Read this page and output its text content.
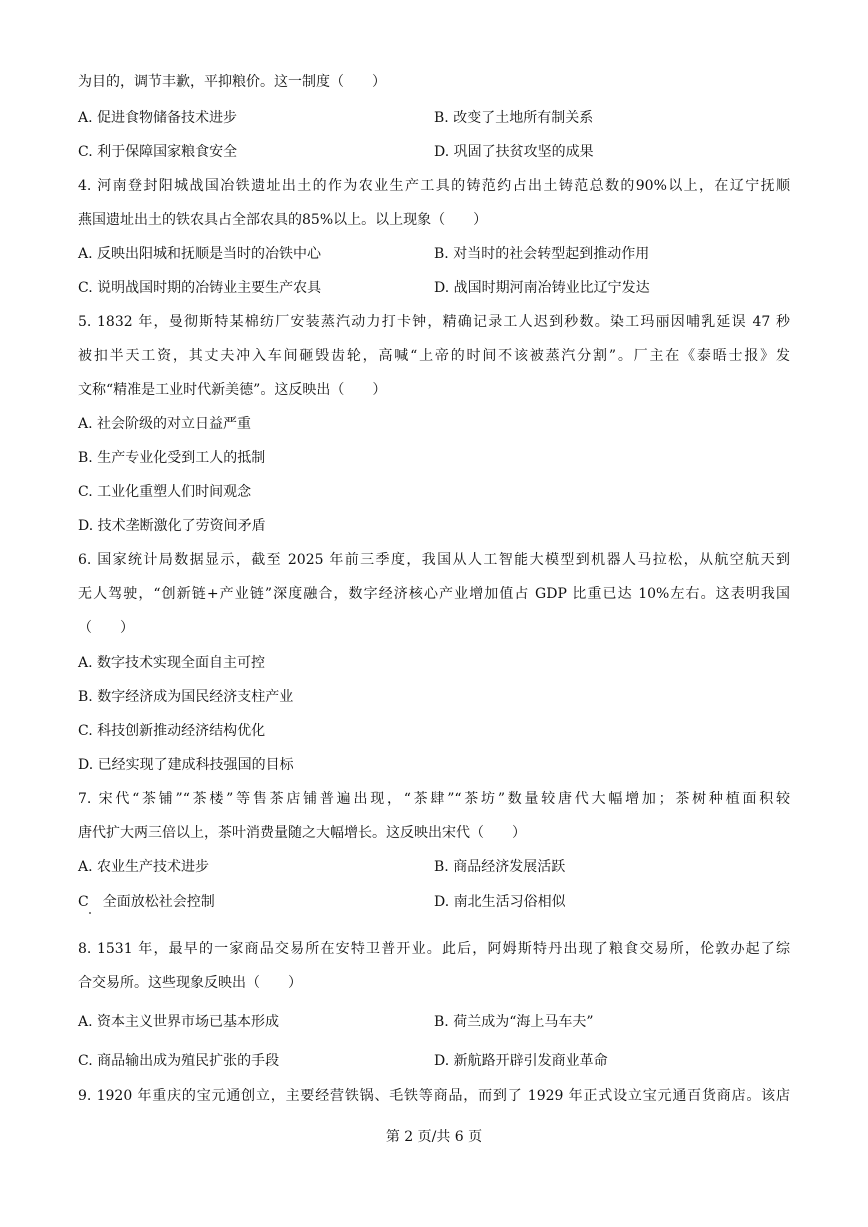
为目的，调节丰歉，平抑粮价。这一制度（　　）
A. 促进食物储备技术进步	B. 改变了土地所有制关系
C. 利于保障国家粮食安全	D. 巩固了扶贫攻坚的成果
4. 河南登封阳城战国冶铁遗址出土的作为农业生产工具的铸范约占出土铸范总数的90%以上，在辽宁抚顺
燕国遗址出土的铁农具占全部农具的85%以上。以上现象（　　）
A. 反映出阳城和抚顺是当时的冶铁中心	B. 对当时的社会转型起到推动作用
C. 说明战国时期的冶铸业主要生产农具	D. 战国时期河南冶铸业比辽宁发达
5. 1832 年，曼彻斯特某棉纺厂安装蒸汽动力打卡钟，精确记录工人迟到秒数。染工玛丽因哺乳延误 47 秒
被扣半天工资，其丈夫冲入车间砸毁齿轮，高喊“上帝的时间不该被蒸汽分割”。厂主在《泰晤士报》发
文称“精准是工业时代新美德”。这反映出（　　）
A. 社会阶级的对立日益严重
B. 生产专业化受到工人的抵制
C. 工业化重塑人们时间观念
D. 技术垄断激化了劳资间矛盾
6. 国家统计局数据显示，截至 2025 年前三季度，我国从人工智能大模型到机器人马拉松，从航空航天到
无人驾驶，“创新链+产业链”深度融合，数字经济核心产业增加值占 GDP 比重已达 10%左右。这表明我国
（　　）
A. 数字技术实现全面自主可控
B. 数字经济成为国民经济支柱产业
C. 科技创新推动经济结构优化
D. 已经实现了建成科技强国的目标
7. 宋代“茶铺”“茶楼”等售茶店铺普遍出现，“茶肆”“茶坊”数量较唐代大幅增加；茶树种植面积较
唐代扩大两三倍以上，茶叶消费量随之大幅增长。这反映出宋代（　　）
A. 农业生产技术进步	B. 商品经济发展活跃
C　全面放松社会控制	D. 南北生活习俗相似
8. 1531 年，最早的一家商品交易所在安特卫普开业。此后，阿姆斯特丹出现了粮食交易所，伦敦办起了综
合交易所。这些现象反映出（　　）
A. 资本主义世界市场已基本形成	B. 荷兰成为“海上马车夫”
C. 商品输出成为殖民扩张的手段	D. 新航路开辟引发商业革命
9. 1920 年重庆的宝元通创立，主要经营铁锅、毛铁等商品，而到了 1929 年正式设立宝元通百货商店。该店
第 2 页/共 6 页
